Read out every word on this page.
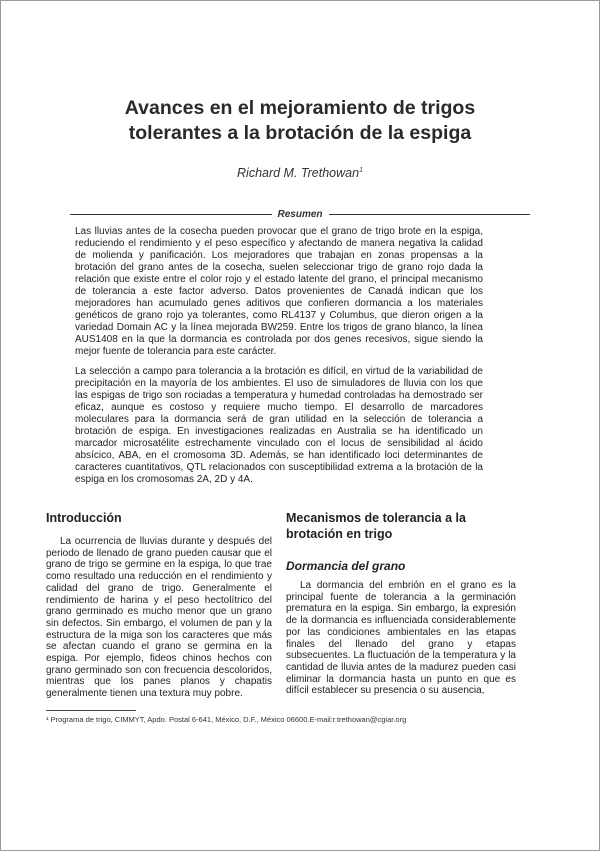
Avances en el mejoramiento de trigos
tolerantes a la brotación de la espiga
Richard M. Trethowan$^1$
Resumen

Las lluvias antes de la cosecha pueden provocar que el grano de trigo brote en la espiga, reduciendo el rendimiento y el peso específico y afectando de manera negativa la calidad de molienda y panificación. Los mejoradores que trabajan en zonas propensas a la brotación del grano antes de la cosecha, suelen seleccionar trigo de grano rojo dada la relación que existe entre el color rojo y el estado latente del grano, el principal mecanismo de tolerancia a este factor adverso. Datos provenientes de Canadá indican que los mejoradores han acumulado genes aditivos que confieren dormancia a los materiales genéticos de grano rojo ya tolerantes, como RL4137 y Columbus, que dieron origen a la variedad Domain AC y la línea mejorada BW259. Entre los trigos de grano blanco, la línea AUS1408 en la que la dormancia es controlada por dos genes recesivos, sigue siendo la mejor fuente de tolerancia para este carácter.

La selección a campo para tolerancia a la brotación es difícil, en virtud de la variabilidad de precipitación en la mayoría de los ambientes. El uso de simuladores de lluvia con los que las espigas de trigo son rociadas a temperatura y humedad controladas ha demostrado ser eficaz, aunque es costoso y requiere mucho tiempo. El desarrollo de marcadores moleculares para la dormancia será de gran utilidad en la selección de tolerancia a brotación de espiga. En investigaciones realizadas en Australia se ha identificado un marcador microsatélite estrechamente vinculado con el locus de sensibilidad al ácido absícico, ABA, en el cromosoma 3D. Además, se han identificado loci determinantes de caracteres cuantitativos, QTL relacionados con susceptibilidad extrema a la brotación de la espiga en los cromosomas 2A, 2D y 4A.

Introducción

La ocurrencia de lluvias durante y después del periodo de llenado de grano pueden causar que el grano de trigo se germine en la espiga, lo que trae como resultado una reducción en el rendimiento y calidad del grano de trigo. Generalmente el rendimiento de harina y el peso hectolítrico del grano germinado es mucho menor que un grano sin defectos. Sin embargo, el volumen de pan y la estructura de la miga son los caracteres que más se afectan cuando el grano se germina en la espiga. Por ejemplo, fideos chinos hechos con grano germinado son con frecuencia descoloridos, mientras que los panes planos y chapatis generalmente tienen una textura muy pobre.

Mecanismos de tolerancia a la brotación en trigo
Dormancia del grano

La dormancia del embrión en el grano es la principal fuente de tolerancia a la germinación prematura en la espiga. Sin embargo, la expresión de la dormancia es influenciada considerablemente por las condiciones ambientales en las etapas finales del llenado del grano y etapas subsecuentes. La fluctuación de la temperatura y la cantidad de lluvia antes de la madurez pueden casi eliminar la dormancia hasta un punto en que es difícil establecer su presencia o su ausencia,

¹ Programa de trigo, CIMMYT, Apdo. Postal 6-641, México, D.F., México 06600.E-mail:r.trethowan@cgiar.org
